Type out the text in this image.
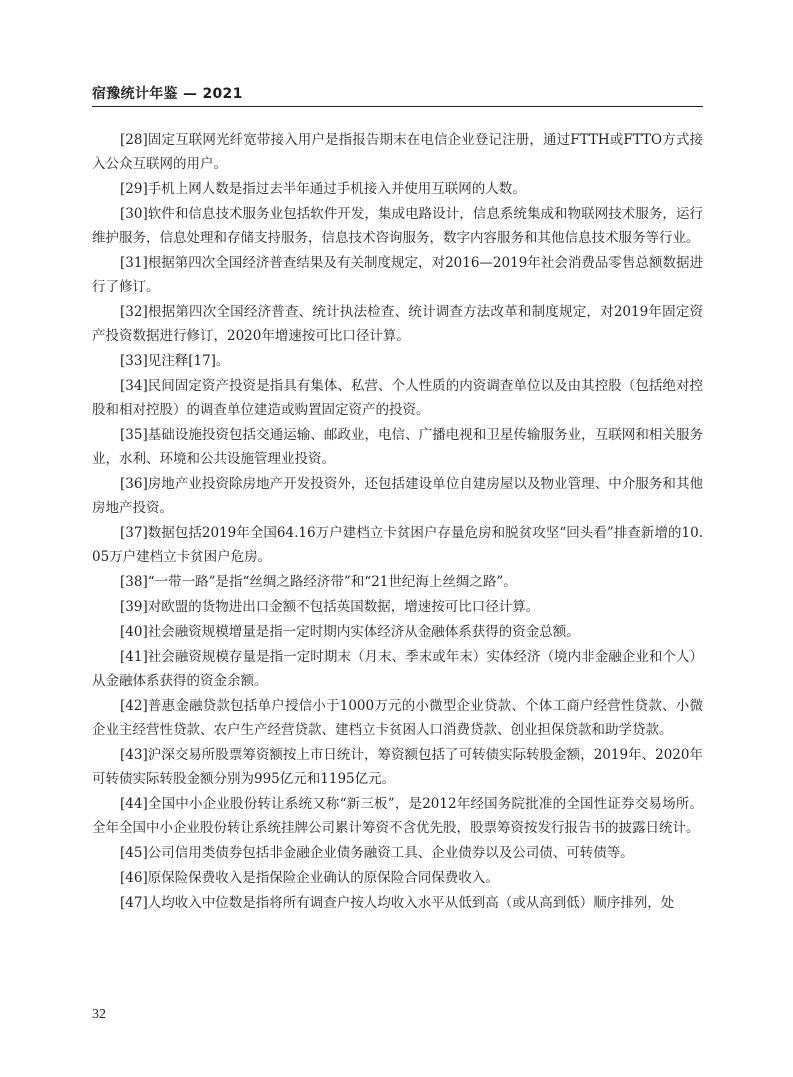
宿豫统计年鉴 — 2021

[28]固定互联网光纤宽带接入用户是指报告期末在电信企业登记注册，通过FTTH或FTTO方式接入公众互联网的用户。

[29]手机上网人数是指过去半年通过手机接入并使用互联网的人数。

[30]软件和信息技术服务业包括软件开发，集成电路设计，信息系统集成和物联网技术服务，运行维护服务，信息处理和存储支持服务，信息技术咨询服务，数字内容服务和其他信息技术服务等行业。

[31]根据第四次全国经济普查结果及有关制度规定，对2016—2019年社会消费品零售总额数据进行了修订。

[32]根据第四次全国经济普查、统计执法检查、统计调查方法改革和制度规定，对2019年固定资产投资数据进行修订，2020年增速按可比口径计算。

[33]见注释[17]。

[34]民间固定资产投资是指具有集体、私营、个人性质的内资调查单位以及由其控股（包括绝对控股和相对控股）的调查单位建造或购置固定资产的投资。

[35]基础设施投资包括交通运输、邮政业，电信、广播电视和卫星传输服务业，互联网和相关服务业，水利、环境和公共设施管理业投资。

[36]房地产业投资除房地产开发投资外，还包括建设单位自建房屋以及物业管理、中介服务和其他房地产投资。

[37]数据包括2019年全国64.16万户建档立卡贫困户存量危房和脱贫攻坚“回头看”排查新增的10.05万户建档立卡贫困户危房。

[38]“一带一路”是指“丝绸之路经济带”和“21世纪海上丝绸之路”。

[39]对欧盟的货物进出口金额不包括英国数据，增速按可比口径计算。

[40]社会融资规模增量是指一定时期内实体经济从金融体系获得的资金总额。

[41]社会融资规模存量是指一定时期末（月末、季末或年末）实体经济（境内非金融企业和个人）从金融体系获得的资金余额。

[42]普惠金融贷款包括单户授信小于1000万元的小微型企业贷款、个体工商户经营性贷款、小微企业主经营性贷款、农户生产经营贷款、建档立卡贫困人口消费贷款、创业担保贷款和助学贷款。

[43]沪深交易所股票筹资额按上市日统计，筹资额包括了可转债实际转股金额，2019年、2020年可转债实际转股金额分别为995亿元和1195亿元。

[44]全国中小企业股份转让系统又称“新三板”，是2012年经国务院批准的全国性证券交易场所。全年全国中小企业股份转让系统挂牌公司累计筹资不含优先股，股票筹资按发行报告书的披露日统计。

[45]公司信用类债券包括非金融企业债务融资工具、企业债券以及公司债、可转债等。

[46]原保险保费收入是指保险企业确认的原保险合同保费收入。

[47]人均收入中位数是指将所有调查户按人均收入水平从低到高（或从高到低）顺序排列，处

32
